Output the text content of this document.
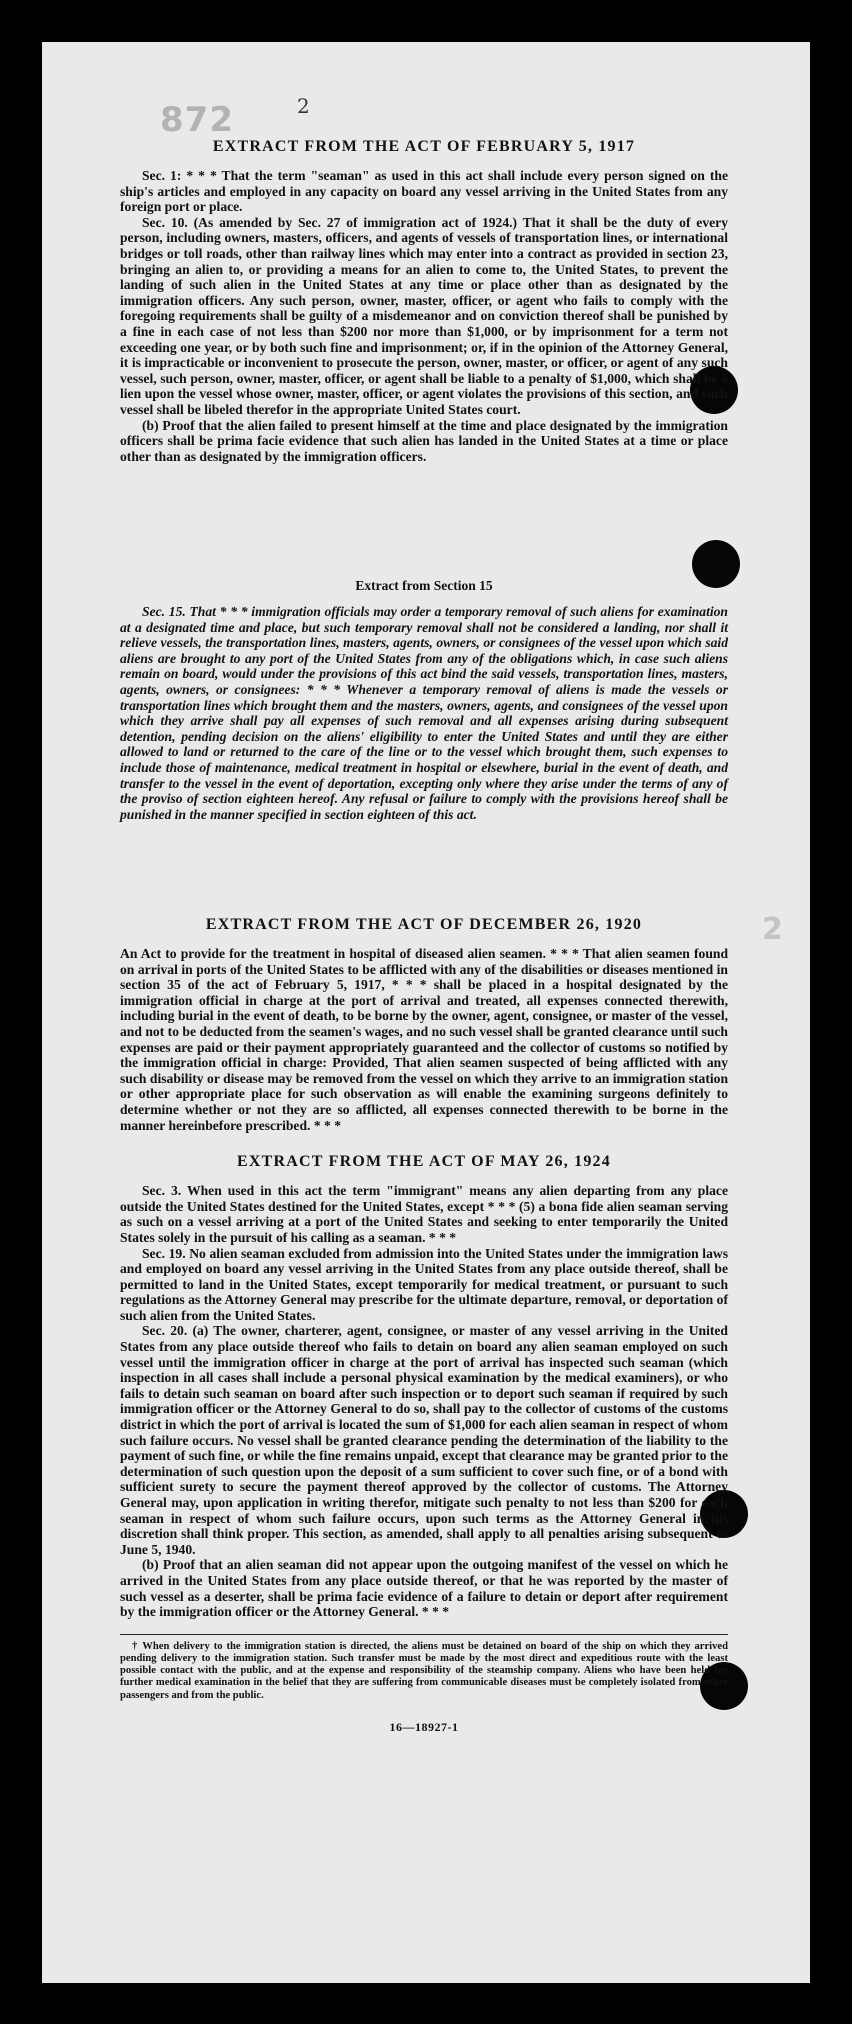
872
2
2
EXTRACT FROM THE ACT OF FEBRUARY 5, 1917

Sec. 1: * * * That the term "seaman" as used in this act shall include every person signed on the ship's articles and employed in any capacity on board any vessel arriving in the United States from any foreign port or place.

Sec. 10. (As amended by Sec. 27 of immigration act of 1924.) That it shall be the duty of every person, including owners, masters, officers, and agents of vessels of transportation lines, or international bridges or toll roads, other than railway lines which may enter into a contract as provided in section 23, bringing an alien to, or providing a means for an alien to come to, the United States, to prevent the landing of such alien in the United States at any time or place other than as designated by the immigration officers. Any such person, owner, master, officer, or agent who fails to comply with the foregoing requirements shall be guilty of a misdemeanor and on conviction thereof shall be punished by a fine in each case of not less than $200 nor more than $1,000, or by imprisonment for a term not exceeding one year, or by both such fine and imprisonment; or, if in the opinion of the Attorney General, it is impracticable or inconvenient to prosecute the person, owner, master, or officer, or agent of any such vessel, such person, owner, master, officer, or agent shall be liable to a penalty of $1,000, which shall be a lien upon the vessel whose owner, master, officer, or agent violates the provisions of this section, and such vessel shall be libeled therefor in the appropriate United States court.

(b) Proof that the alien failed to present himself at the time and place designated by the immigration officers shall be prima facie evidence that such alien has landed in the United States at a time or place other than as designated by the immigration officers.

Extract from Section 15

Sec. 15. That * * * immigration officials may order a temporary removal of such aliens for examination at a designated time and place, but such temporary removal shall not be considered a landing, nor shall it relieve vessels, the transportation lines, masters, agents, owners, or consignees of the vessel upon which said aliens are brought to any port of the United States from any of the obligations which, in case such aliens remain on board, would under the provisions of this act bind the said vessels, transportation lines, masters, agents, owners, or consignees: * * * Whenever a temporary removal of aliens is made the vessels or transportation lines which brought them and the masters, owners, agents, and consignees of the vessel upon which they arrive shall pay all expenses of such removal and all expenses arising during subsequent detention, pending decision on the aliens' eligibility to enter the United States and until they are either allowed to land or returned to the care of the line or to the vessel which brought them, such expenses to include those of maintenance, medical treatment in hospital or elsewhere, burial in the event of death, and transfer to the vessel in the event of deportation, excepting only where they arise under the terms of any of the proviso of section eighteen hereof. Any refusal or failure to comply with the provisions hereof shall be punished in the manner specified in section eighteen of this act.

EXTRACT FROM THE ACT OF DECEMBER 26, 1920

An Act to provide for the treatment in hospital of diseased alien seamen. * * * That alien seamen found on arrival in ports of the United States to be afflicted with any of the disabilities or diseases mentioned in section 35 of the act of February 5, 1917, * * * shall be placed in a hospital designated by the immigration official in charge at the port of arrival and treated, all expenses connected therewith, including burial in the event of death, to be borne by the owner, agent, consignee, or master of the vessel, and not to be deducted from the seamen's wages, and no such vessel shall be granted clearance until such expenses are paid or their payment appropriately guaranteed and the collector of customs so notified by the immigration official in charge: Provided, That alien seamen suspected of being afflicted with any such disability or disease may be removed from the vessel on which they arrive to an immigration station or other appropriate place for such observation as will enable the examining surgeons definitely to determine whether or not they are so afflicted, all expenses connected therewith to be borne in the manner hereinbefore prescribed. * * *

EXTRACT FROM THE ACT OF MAY 26, 1924

Sec. 3. When used in this act the term "immigrant" means any alien departing from any place outside the United States destined for the United States, except * * * (5) a bona fide alien seaman serving as such on a vessel arriving at a port of the United States and seeking to enter temporarily the United States solely in the pursuit of his calling as a seaman. * * *

Sec. 19. No alien seaman excluded from admission into the United States under the immigration laws and employed on board any vessel arriving in the United States from any place outside thereof, shall be permitted to land in the United States, except temporarily for medical treatment, or pursuant to such regulations as the Attorney General may prescribe for the ultimate departure, removal, or deportation of such alien from the United States.

Sec. 20. (a) The owner, charterer, agent, consignee, or master of any vessel arriving in the United States from any place outside thereof who fails to detain on board any alien seaman employed on such vessel until the immigration officer in charge at the port of arrival has inspected such seaman (which inspection in all cases shall include a personal physical examination by the medical examiners), or who fails to detain such seaman on board after such inspection or to deport such seaman if required by such immigration officer or the Attorney General to do so, shall pay to the collector of customs of the customs district in which the port of arrival is located the sum of $1,000 for each alien seaman in respect of whom such failure occurs. No vessel shall be granted clearance pending the determination of the liability to the payment of such fine, or while the fine remains unpaid, except that clearance may be granted prior to the determination of such question upon the deposit of a sum sufficient to cover such fine, or of a bond with sufficient surety to secure the payment thereof approved by the collector of customs. The Attorney General may, upon application in writing therefor, mitigate such penalty to not less than $200 for each seaman in respect of whom such failure occurs, upon such terms as the Attorney General in his discretion shall think proper. This section, as amended, shall apply to all penalties arising subsequent to June 5, 1940.

(b) Proof that an alien seaman did not appear upon the outgoing manifest of the vessel on which he arrived in the United States from any place outside thereof, or that he was reported by the master of such vessel as a deserter, shall be prima facie evidence of a failure to detain or deport after requirement by the immigration officer or the Attorney General. * * *

† When delivery to the immigration station is directed, the aliens must be detained on board of the ship on which they arrived pending delivery to the immigration station. Such transfer must be made by the most direct and expeditious route with the least possible contact with the public, and at the expense and responsibility of the steamship company. Aliens who have been held for further medical examination in the belief that they are suffering from communicable diseases must be completely isolated from other passengers and from the public.

16—18927-1
